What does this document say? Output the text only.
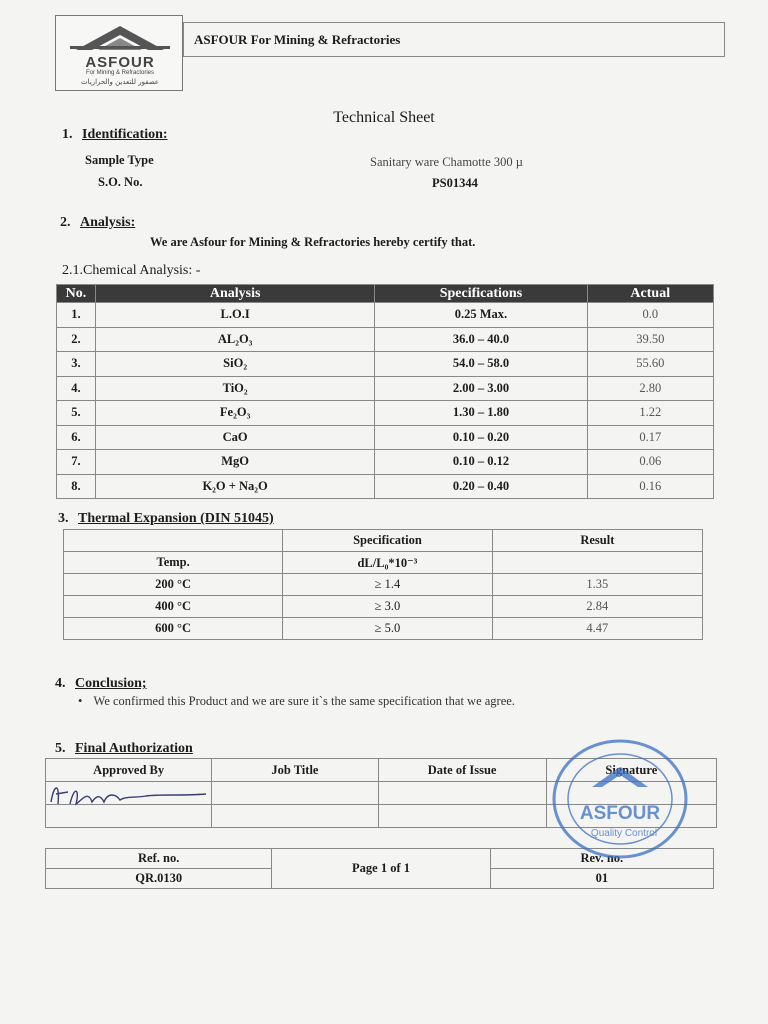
ASFOUR
For Mining & Refractories
عصفور للتعدين والحراريات
ASFOUR For Mining & Refractories
Technical Sheet
1. Identification:
Sample Type	Sanitary ware Chamotte 300 µ
S.O. No.	PS01344
2. Analysis:
We are Asfour for Mining & Refractories hereby certify that.
2.1.Chemical Analysis: -
No.	Analysis	Specifications	Actual
1.	L.O.I	0.25 Max.	0.0
2.	AL₂O₃	36.0 – 40.0	39.50
3.	SiO₂	54.0 – 58.0	55.60
4.	TiO₂	2.00 – 3.00	2.80
5.	Fe₂O₃	1.30 – 1.80	1.22
6.	CaO	0.10 – 0.20	0.17
7.	MgO	0.10 – 0.12	0.06
8.	K₂O + Na₂O	0.20 – 0.40	0.16
3. Thermal Expansion (DIN 51045)
	Specification	Result
Temp.	dL/L₀*10⁻³	
200 °C	≥ 1.4	1.35
400 °C	≥ 3.0	2.84
600 °C	≥ 5.0	4.47
4. Conclusion;
• We confirmed this Product and we are sure it`s the same specification that we agree.
5. Final Authorization
Approved By	Job Title	Date of Issue	Signature

Ref. no.	Page 1 of 1	Rev. no.
QR.0130		01
ASFOUR
Quality Control
